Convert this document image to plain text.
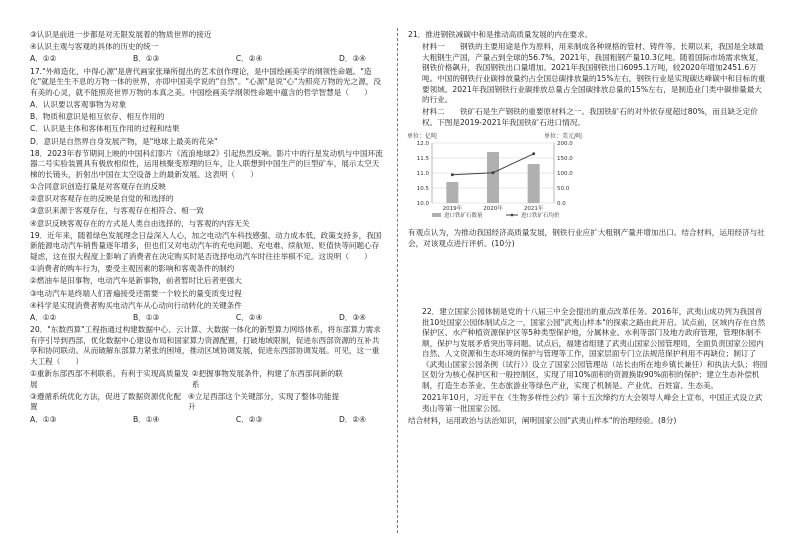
③认识是前进一步都是对无限发展着的物质世界的接近

④认识主观与客观的具体的历史的统一

A．①②	B．①③	C．②④	D．③④

17."外师造化，中得心源"是唐代画家张璪所提出的艺术创作理论，是中国绘画美学的纲领性命题。"造化"就是生生不息的万物一体的世界，亦即中国美学说的"自然"。"心源"是说"心"为照亮万物的光之源，没有美的心灵，就不能照亮世界万物的本真之美。中国绘画美学纲领性命题中蕴含的哲学智慧是（　　）

A．认识要以客观事物为对象

B．物质和意识是相互依存、相互作用的

C．认识是主体和客体相互作用的过程和结果

D．意识是自然界自身发展产物，是"地球上最美的花朵"

18．2023年春节期间上映的中国科幻影片《流浪地球2》引起热烈反响。影片中的行星发动机与中国环流器二号实验装置具有极放相似性，运用核聚变原理的巨车，让人联想到中国生产的巨型矿车，展示太空天梯的长镜头，折射出中国在太空设备上的最新发展。这表明（　　）

①合同意识创造打量是对客观存在的反映

②意识对客观存在的反映是自觉的和选择的

③意识来源于客观存在，与客观存在相符合、相一致

④意识反映客观存在的方式是人类自由选择的，与客观的内容无关

19．近年来，随着绿色发展理念日益深入人心，加之电动汽车科技感强、动力成本低、政策支持多，我国新能源电动汽车销售量逐年增多，但也们又对电动汽车的充电问题、充电难、续航短、贬值快等问题心存疑虑，这在很大程度上影响了消费者在决定购买时是否选择电动汽车时往往举棋不定。这说明（　　）

①消费者的购车行为，要受主观因素的影响和客观条件的制约

②燃油车是旧事物，电动汽车是新事物，前者暂时比后者更强大

③电动汽车是终端人们普遍接受还需要一个较长的量变质变过程

④科学是实现消费者购买电动汽车从心动向行动转化的关键条件

A．①②	B．①③	C．②④	D．③④

20．"东数西算"工程指通过构建数据中心、云计算、大数据一体化的新型算力网络体系，将东部算力需求有序引导到西部，优化数据中心建设布局和国家算力资源配置，打破地域限制，促进东西部资源的互补共享和协同联动。从而破解东部算力紧张的困境，推动区域协调发展，促进东西部协调发展。可见，这一重大工程（　　）

①重新东部西部不利联系，有利于实现高质量发展
②把握事物发展条件，构建了东西部间新的联系
③遵循系统优化方法，促进了数据资源优化配置
④立足西部这个关键部分，实现了整体功能提升
A．①③	B．①④	C．②③	D．②④

21．推进钢铁减碳中和是推动高质量发展的内在要求。

材料一　　钢铁的主要用途是作为原料，用来制成各种规格的管材、铸件等。长期以来，我国是全球最大粗钢生产国，产量占到全球的56.7%。2021年，我国粗钢产量10.3亿吨。随着国际市场需求恢复，钢铁价格飙升，我国钢铁出口量增加。2021年我国钢铁出口6095.1万吨，较2020年增加2451.6万吨。中国的钢铁行业碳排放量约占全国总碳排放量的15%左右，钢铁行业是实现碳达峰碳中和目标的重要领域。2021年我国钢铁行业碳排放总量占全国碳排放总量的15%左右，是制造业门类中碳排量最大的行业。

材料二　　铁矿石是生产钢铁的重要原材料之一。我国铁矿石的对外依存度超过80%，而且缺乏定价权。下图是2019-2021年我国铁矿石进口情况。

单位：亿吨	单位：美元/吨
10.0	0.0
10.5	50.0
11.0	100.0
11.5	150.0
12.0	200.0
2019年	2020年	2021年
进口铁矿石数量	进口铁矿石均价

有观点认为，为推动我国经济高质量发展，钢铁行业应扩大粗钢产量并增加出口。结合材料，运用经济与社会，对该观点进行评析。(10分)

22．建立国家公园体制是党的十八届三中全会提出的重点改革任务。2016年，武夷山成功列为我国首批10处国家公园体制试点之一，国家公园"武夷山样本"的探索之路由此开启。试点前，区域内存在自然保护区、水产种植资源保护区等5种类型保护地，分属林业、水利等部门及地方政府管理，管理体制不顺，保护与发展矛盾突出等问题。试点后，福建省组建了武夷山国家公园管理局，全面负责国家公园内自然、人文资源和生态环境的保护与管理等工作，国家层面专门立法规范保护利用不再缺位；制订了《武夷山国家公园条例（试行）》设立了国家公园管理站（站长由所在地乡镇长兼任）和执法大队；将园区划分为核心保护区和一般控制区，实现了用10%面积的资源换取90%面积的保护；建立生态补偿机制，打造生态茶业、生态旅游业等绿色产业，实现了机制是、产业优、百姓富、生态美。

2021年10月，习近平在《生物多样性公约》第十五次缔约方大会领导人峰会上宣布，中国正式设立武夷山等第一批国家公园。

结合材料，运用政治与法治知识，阐明国家公园"武夷山样本"的治理经验。(8分)
